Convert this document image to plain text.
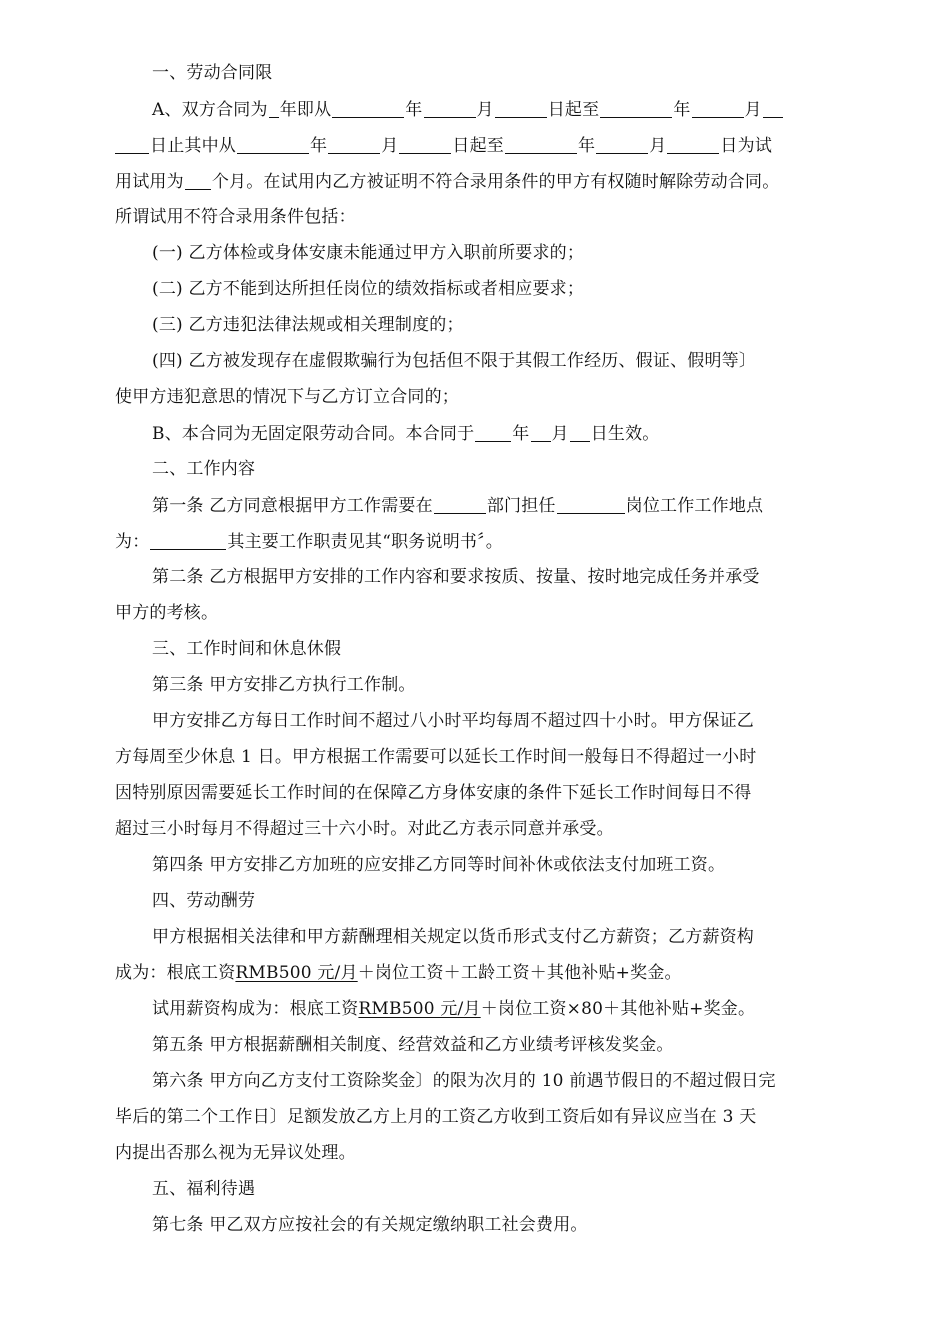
一、劳动合同限
A、双方合同为 年即从	年	月	日起至	年	月
日止其中从	年	月	日起至	年	月	日为试
用试用为 个月。在试用内乙方被证明不符合录用条件的甲方有权随时解除劳动合同。
所谓试用不符合录用条件包括：
(一) 乙方体检或身体安康未能通过甲方入职前所要求的；
(二) 乙方不能到达所担任岗位的绩效指标或者相应要求；
(三) 乙方违犯法律法规或相关理制度的；
(四) 乙方被发现存在虚假欺骗行为包括但不限于其假工作经历、假证、假明等〕
使甲方违犯意思的情况下与乙方订立合同的；
B、本合同为无固定限劳动合同。本合同于 年 月 日生效。
二、工作内容
第一条 乙方同意根据甲方工作需要在	部门担任	岗位工作工作地点
为：	其主要工作职责见其“职务说明书〞。
第二条 乙方根据甲方安排的工作内容和要求按质、按量、按时地完成任务并承受
甲方的考核。
三、工作时间和休息休假
第三条 甲方安排乙方执行工作制。
甲方安排乙方每日工作时间不超过八小时平均每周不超过四十小时。甲方保证乙
方每周至少休息 1 日。甲方根据工作需要可以延长工作时间一般每日不得超过一小时
因特别原因需要延长工作时间的在保障乙方身体安康的条件下延长工作时间每日不得
超过三小时每月不得超过三十六小时。对此乙方表示同意并承受。
第四条 甲方安排乙方加班的应安排乙方同等时间补休或依法支付加班工资。
四、劳动酬劳
甲方根据相关法律和甲方薪酬理相关规定以货币形式支付乙方薪资；乙方薪资构
成为：根底工资RMB500 元/月＋岗位工资＋工龄工资＋其他补贴+奖金。
试用薪资构成为：根底工资RMB500 元/月＋岗位工资×80＋其他补贴+奖金。
第五条 甲方根据薪酬相关制度、经营效益和乙方业绩考评核发奖金。
第六条 甲方向乙方支付工资除奖金〕的限为次月的 10 前遇节假日的不超过假日完
毕后的第二个工作日〕足额发放乙方上月的工资乙方收到工资后如有异议应当在 3 天
内提出否那么视为无异议处理。
五、福利待遇
第七条 甲乙双方应按社会的有关规定缴纳职工社会费用。
